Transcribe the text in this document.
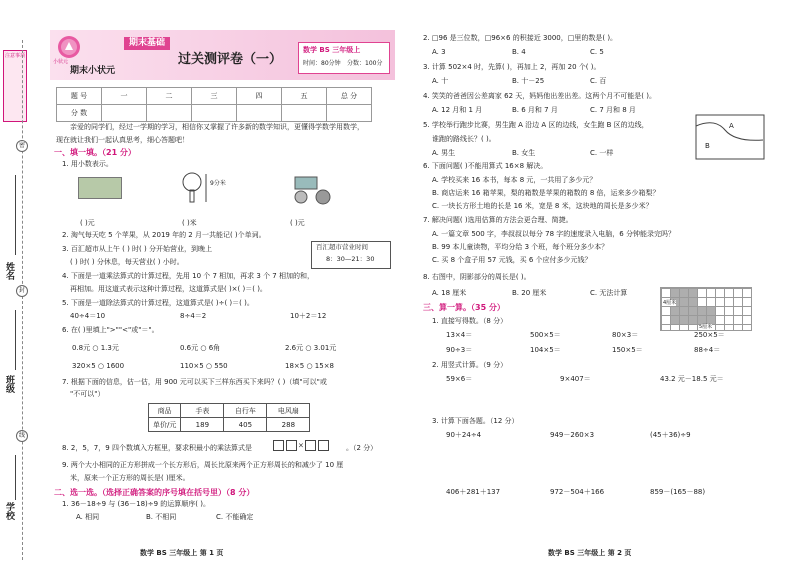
注意事项
密
封
线
姓名
班级
学校
小状元
期末基础
期末小状元
过关测评卷（一）
数学 BS 三年级上
时间：80分钟 分数：100分
题 号	一	二	三	四	五	总 分
分 数						
亲爱的同学们，经过一学期的学习，相信你又掌握了许多新的数学知识，更懂得学数学用数学，
现在就让我们一起认真思考，细心答题吧！
一、填一填。（21 分）
1. 用小数表示。
9分米
( )元	( )米	( )元
2. 淘气每天吃 5 个苹果，从 2019 年的 2 月一共能记( )个单词。
3. 百汇超市从上午 ( ) 时( ) 分开始营业，到晚上
( ) 时( ) 分休息，每天营业( ) 小时。
百汇超市营业时间
8：30—21：30
4. 下面是一道乘法算式的计算过程，先用 10 个 7 相加，再求 3 个 7 相加的和，
再相加。用这道式表示这种计算过程，这道算式是( )×( )＝( )。
5. 下面是一道除法算式的计算过程，这道算式是( )÷( )＝( )。
40÷4＝10	8÷4＝2	10＋2＝12
6. 在( )里填上">""<"或"＝"。
0.8元 ○ 1.3元	0.6元 ○ 6角	2.6元 ○ 3.01元
320×5 ○ 1600	110×5 ○ 550	18×5 ○ 15×8
7. 根据下面的信息，估一估，用 900 元可以买下三样东西买下来吗？( )（填"可以"或
"不可以"）
商品	手表	自行车	电风扇
单价/元	189	405	288
8. 2，5，7，9 四个数填入方框里，要求积最小的乘法算式是	×	。（2 分）
9. 两个大小相同的正方形拼成一个长方形后，周长比原来两个正方形周长的和减少了 10 厘
米，原来一个正方形的周长是( )厘米。
二、选一选。（选择正确答案的序号填在括号里）（8 分）
1. 36－18÷9 与 (36－18)÷9 的运算顺序( )。
A. 相同	B. 不相同	C. 不能确定
数学 BS 三年级上 第 1 页
2. □96 是三位数，□96×6 的积接近 3000，□里的数是( )。
A. 3	B. 4	C. 5
3. 计算 502×4 时，先算( )，再加上 2，再加 20 个( )。
A. 十	B. 十－25	C. 百
4. 笑笑的爸爸因公差离家 62 天，妈妈他出差出差。这两个月不可能是( )。
A. 12 月和 1 月	B. 6 月和 7 月	C. 7 月和 8 月
5. 学校举行跑步比赛，男生跑 A 沿边 A 区的边线，女生跑 B 区的边线，
谁跑的路线长？( )。
A. 男生	B. 女生	C. 一样
A
B
6. 下面问题( )不能用算式 16×8 解决。
A. 学校买来 16 本书，每本 8 元，一共用了多少元？
B. 商店运来 16 箱苹果，梨的箱数是苹果的箱数的 8 倍，运来多少箱梨？
C. 一块长方形土地的长是 16 米，宽是 8 米，这块地的周长是多少米？
7. 解决问题( )选用估算的方法会更合理、简捷。
A. 一篇文章 500 字，李叔叔以每分 78 字的速度录入电脑，6 分钟能录完吗？
B. 99 本儿童读物，平均分给 3 个班，每个班分多少本？
C. 买 8 个盒子用 57 元钱，买 6 个应付多少元钱？
8. 右图中，阴影部分的周长是( )。
A. 18 厘米	B. 20 厘米	C. 无法计算
4厘米
5厘米
三、算一算。（35 分）
1. 直接写得数。（8 分）
13×4＝	500×5＝	80×3＝	250×5＝
90÷3＝	104×5＝	150×5＝	88÷4＝
2. 用竖式计算。（9 分）
59×6＝	9×407＝	43.2 元－18.5 元＝
3. 计算下面各题。（12 分）
90＋24÷4	949－260×3	(45＋36)÷9
406＋281＋137	972－504＋166	859－(165－88)
数学 BS 三年级上 第 2 页
